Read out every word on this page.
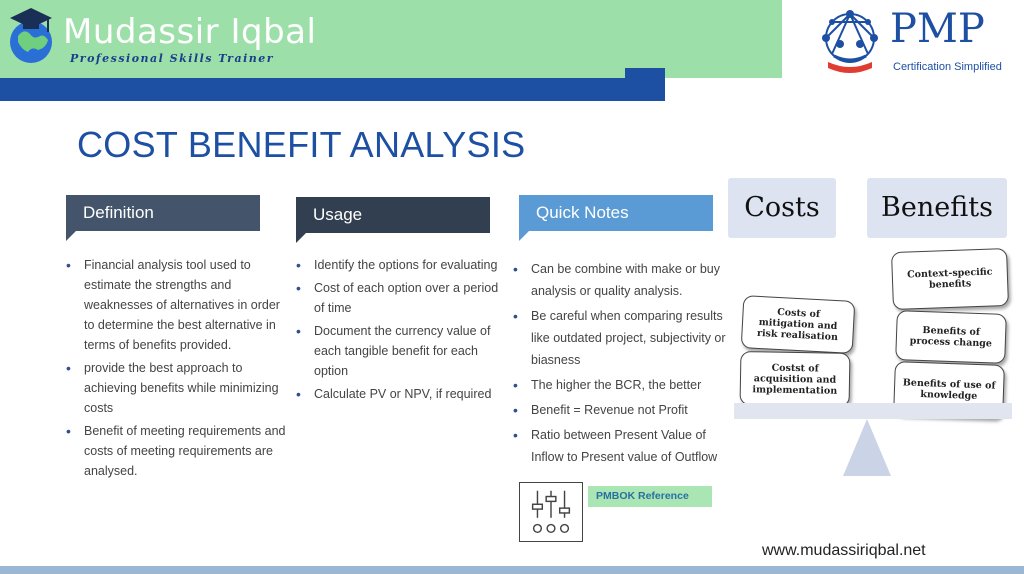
Mudassir Iqbal
Professional Skills Trainer
PMP
Certification Simplified
COST BENEFIT ANALYSIS
Definition
• Financial analysis tool used to estimate the strengths and weaknesses of alternatives in order to determine the best alternative in terms of benefits provided.
• provide the best approach to achieving benefits while minimizing costs
• Benefit of meeting requirements and costs of meeting requirements are analysed.
Usage
• Identify the options for evaluating
• Cost of each option over a period of time
• Document the currency value of each tangible benefit for each option
• Calculate PV or NPV, if required
Quick Notes
• Can be combine with make or buy analysis or quality analysis.
• Be careful when comparing results like outdated project, subjectivity or biasness
• The higher the BCR, the better
• Benefit = Revenue not Profit
• Ratio between Present Value of Inflow to Present value of Outflow
PMBOK Reference
Costs	Benefits
Costs of mitigation and risk realisation
Costst of acquisition and implementation
Context-specific benefits
Benefits of process change
Benefits of use of knowledge
www.mudassiriqbal.net
